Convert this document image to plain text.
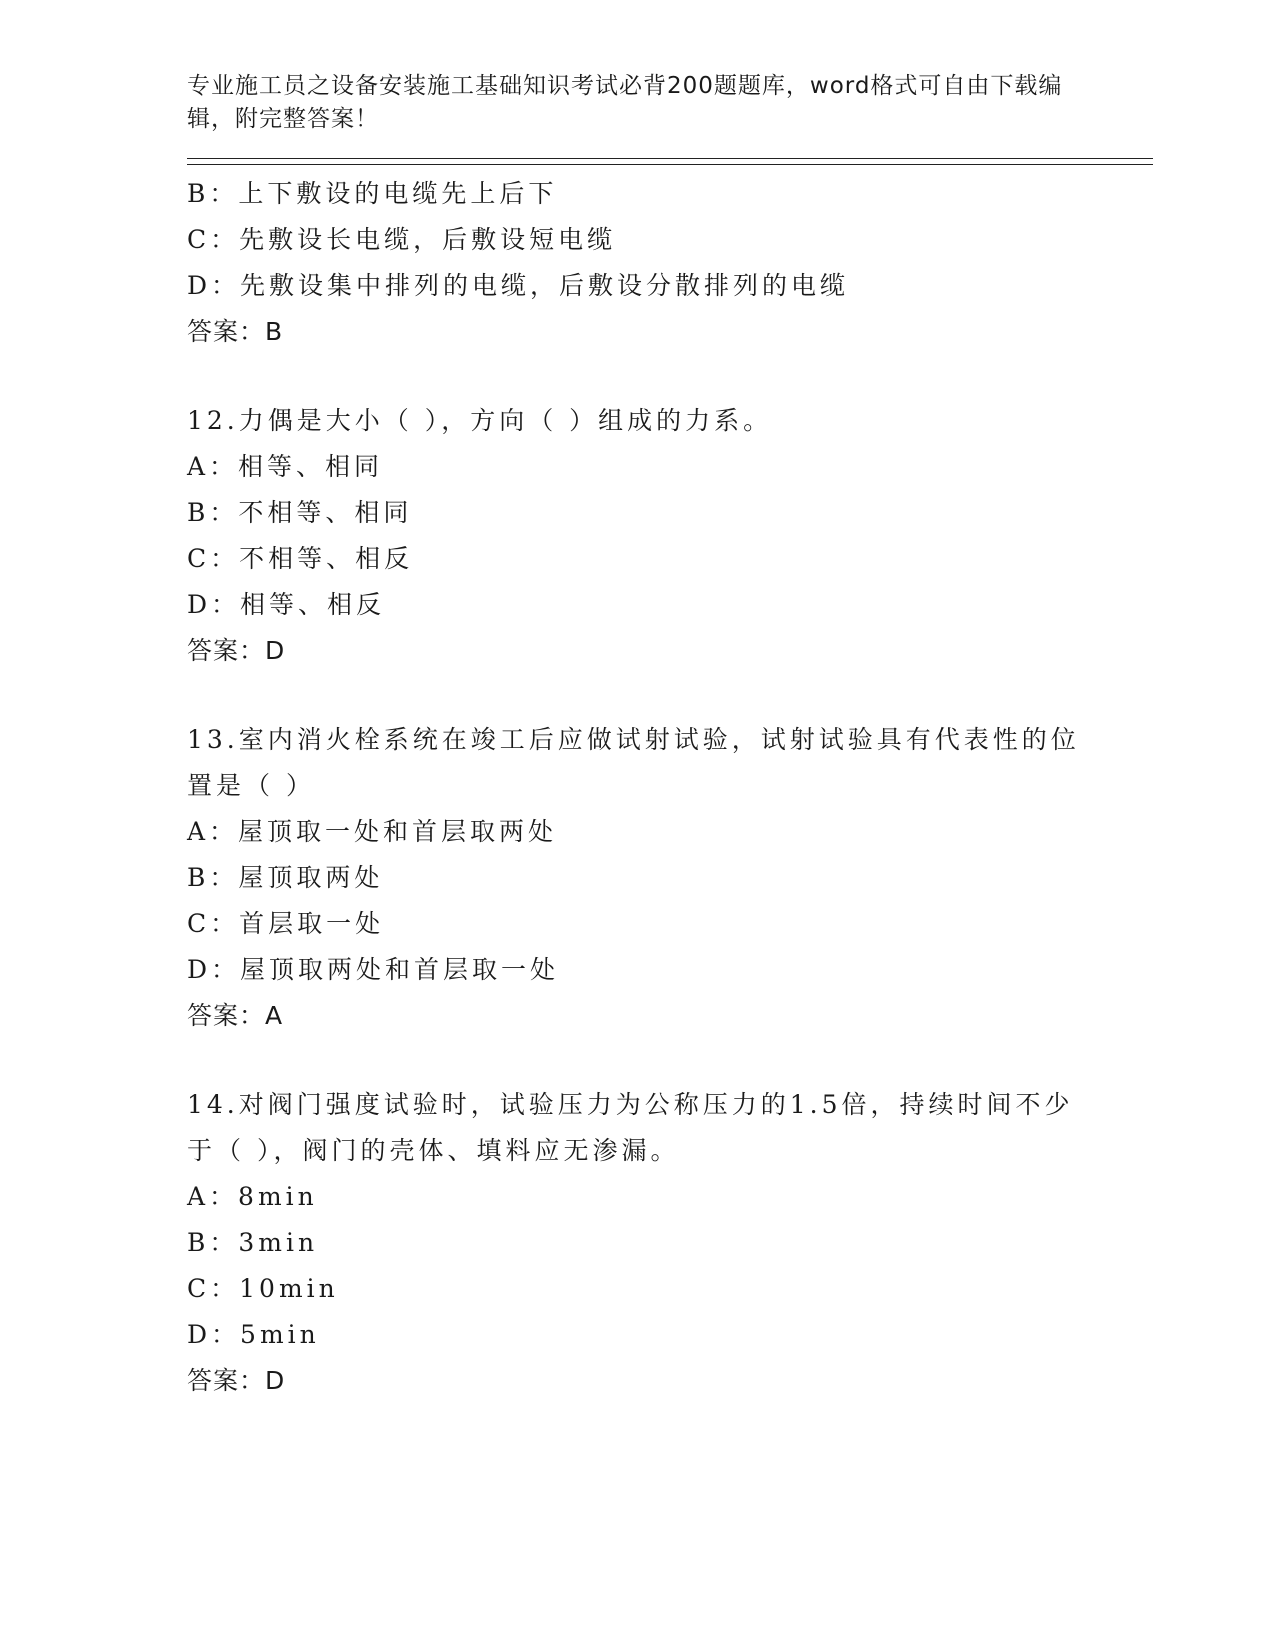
专业施工员之设备安装施工基础知识考试必背200题题库，word格式可自由下载编辑，附完整答案！

B：上下敷设的电缆先上后下
C：先敷设长电缆，后敷设短电缆
D：先敷设集中排列的电缆，后敷设分散排列的电缆
答案：B
12.力偶是大小（ ），方向（ ）组成的力系。
A：相等、相同
B：不相等、相同
C：不相等、相反
D：相等、相反
答案：D
13.室内消火栓系统在竣工后应做试射试验，试射试验具有代表性的位置是（ ）
A：屋顶取一处和首层取两处
B：屋顶取两处
C：首层取一处
D：屋顶取两处和首层取一处
答案：A
14.对阀门强度试验时，试验压力为公称压力的1.5倍，持续时间不少于（ ），阀门的壳体、填料应无渗漏。
A：8min
B：3min
C：10min
D：5min
答案：D
